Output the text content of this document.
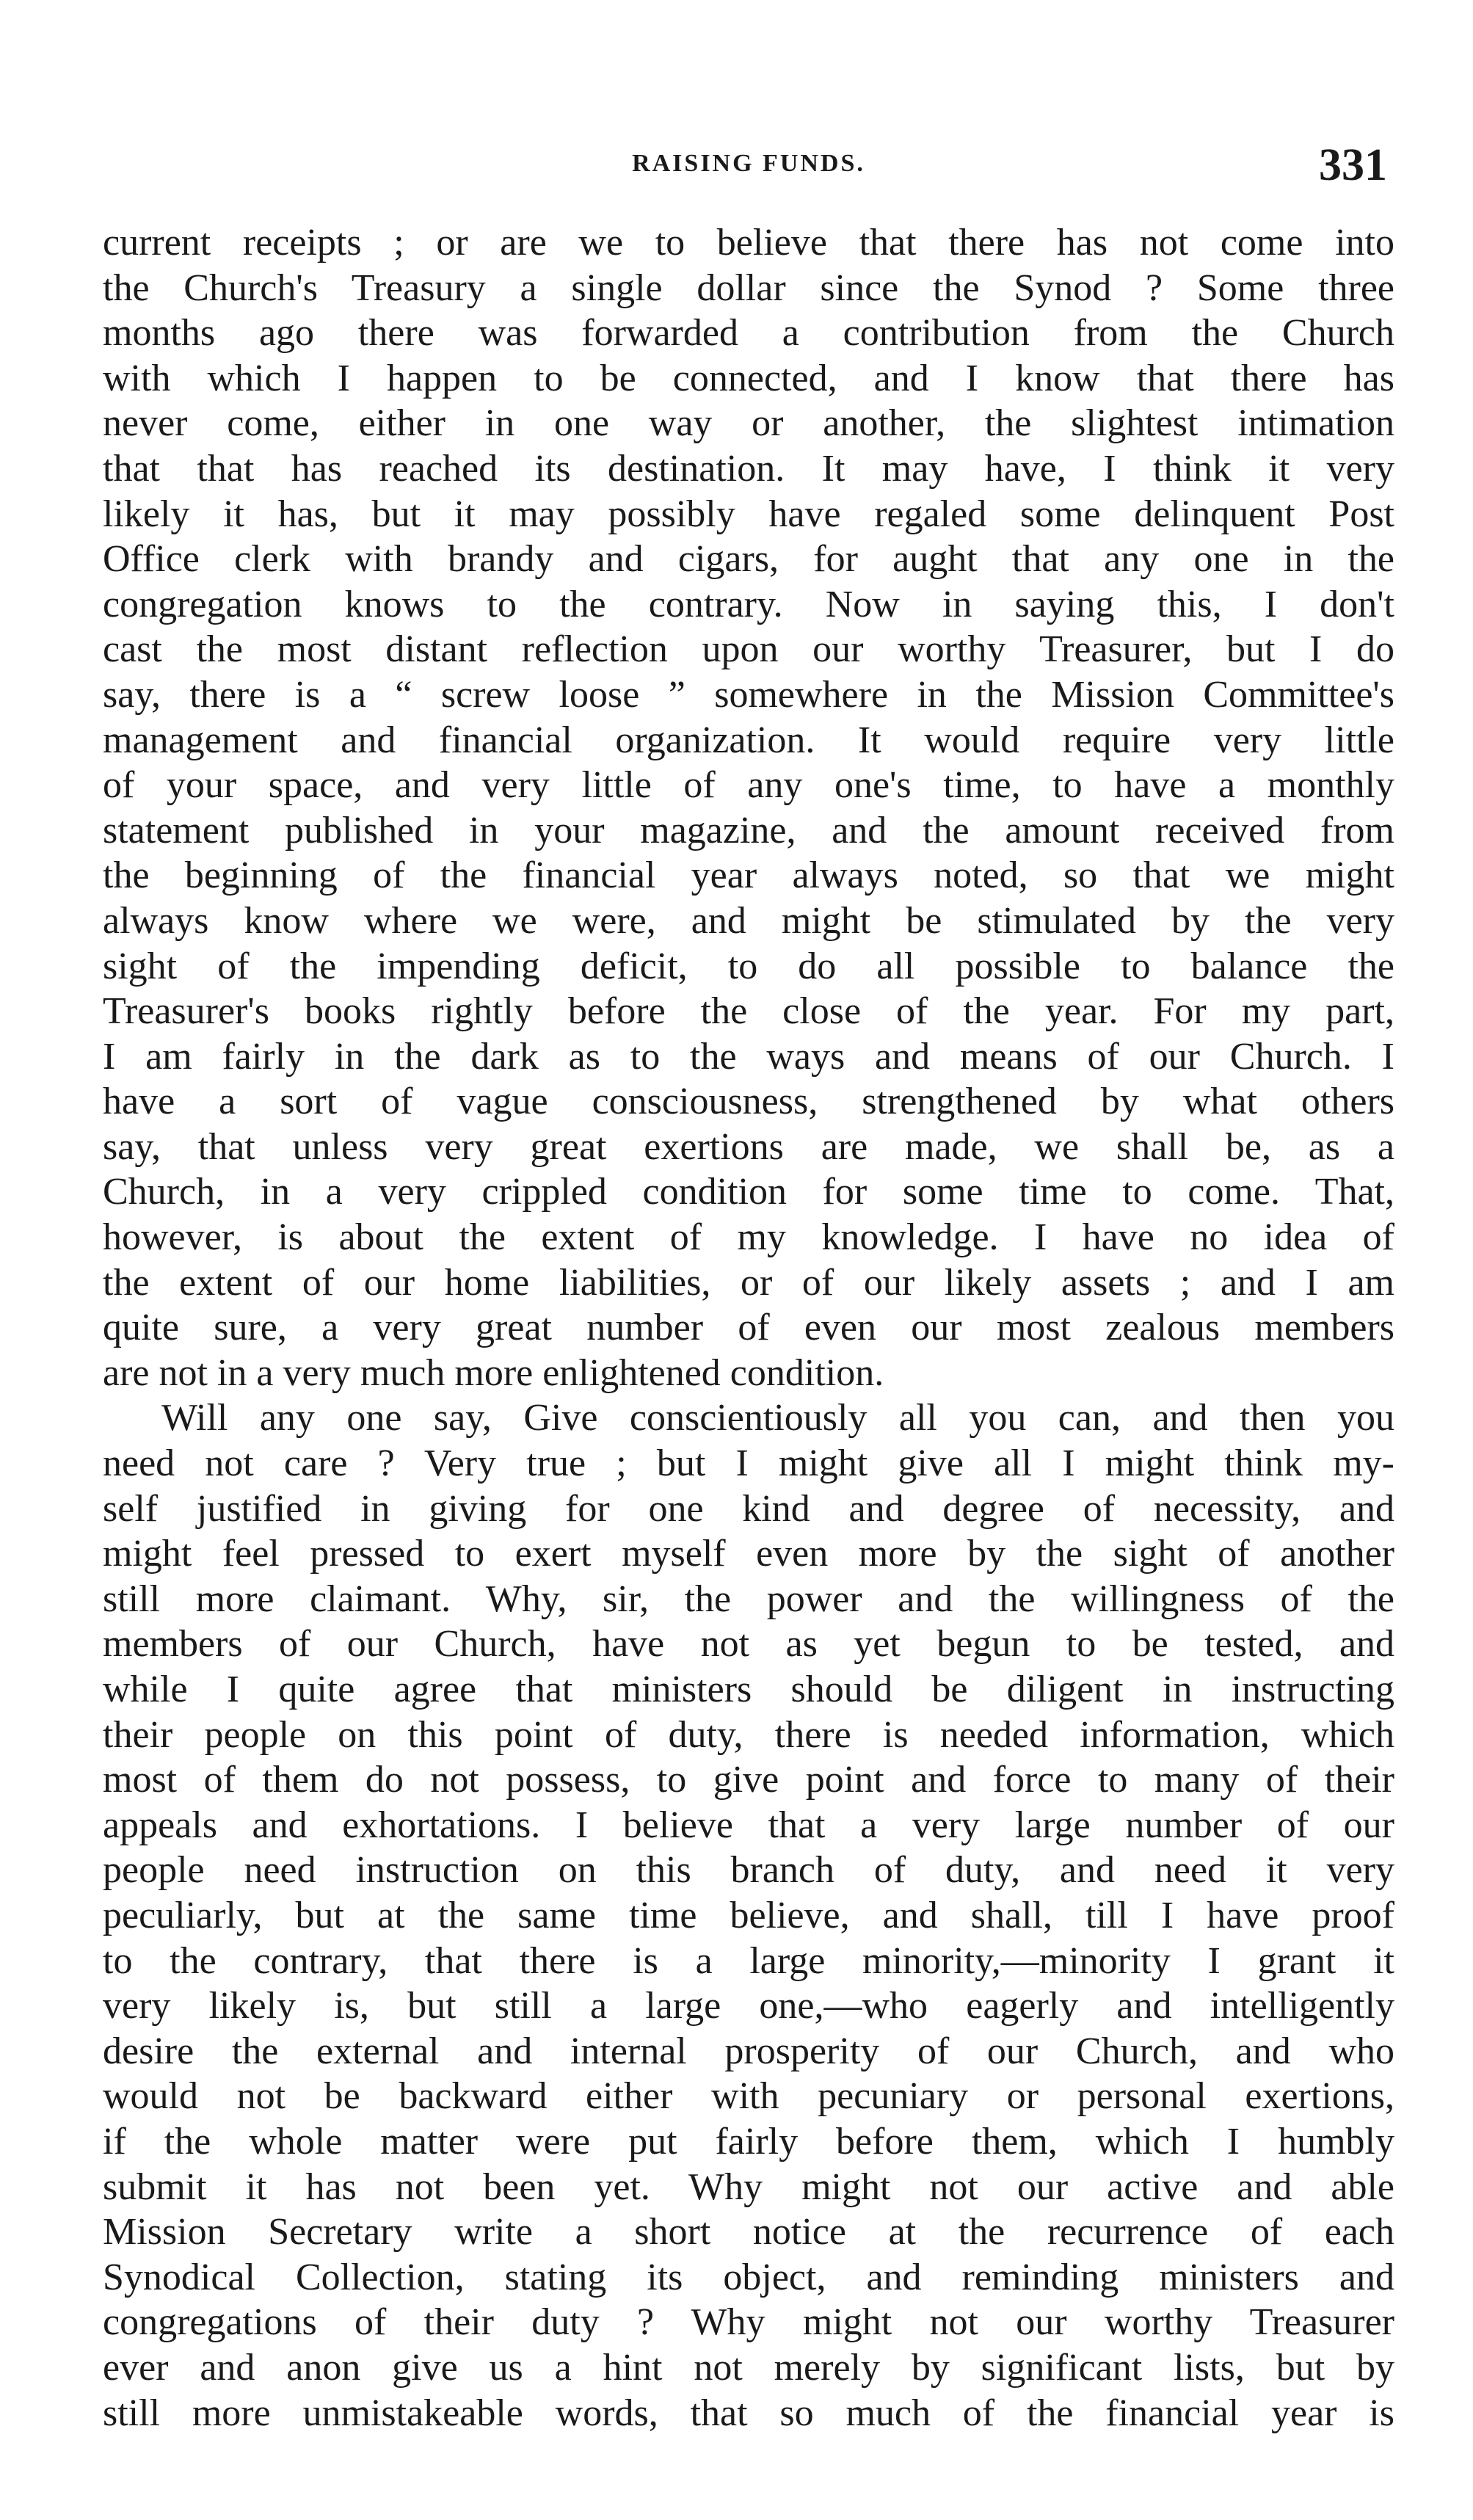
RAISING FUNDS.	331
current receipts ; or are we to believe that there has not come into
the Church's Treasury a single dollar since the Synod ? Some three
months ago there was forwarded a contribution from the Church
with which I happen to be connected, and I know that there has
never come, either in one way or another, the slightest intimation
that that has reached its destination. It may have, I think it very
likely it has, but it may possibly have regaled some delinquent Post
Office clerk with brandy and cigars, for aught that any one in the
congregation knows to the contrary. Now in saying this, I don't
cast the most distant reflection upon our worthy Treasurer, but I do
say, there is a “ screw loose ” somewhere in the Mission Committee's
management and financial organization. It would require very little
of your space, and very little of any one's time, to have a monthly
statement published in your magazine, and the amount received from
the beginning of the financial year always noted, so that we might
always know where we were, and might be stimulated by the very
sight of the impending deficit, to do all possible to balance the
Treasurer's books rightly before the close of the year. For my part,
I am fairly in the dark as to the ways and means of our Church. I
have a sort of vague consciousness, strengthened by what others
say, that unless very great exertions are made, we shall be, as a
Church, in a very crippled condition for some time to come. That,
however, is about the extent of my knowledge. I have no idea of
the extent of our home liabilities, or of our likely assets ; and I am
quite sure, a very great number of even our most zealous members
are not in a very much more enlightened condition.
Will any one say, Give conscientiously all you can, and then you
need not care ? Very true ; but I might give all I might think my-
self justified in giving for one kind and degree of necessity, and
might feel pressed to exert myself even more by the sight of another
still more claimant. Why, sir, the power and the willingness of the
members of our Church, have not as yet begun to be tested, and
while I quite agree that ministers should be diligent in instructing
their people on this point of duty, there is needed information, which
most of them do not possess, to give point and force to many of their
appeals and exhortations. I believe that a very large number of our
people need instruction on this branch of duty, and need it very
peculiarly, but at the same time believe, and shall, till I have proof
to the contrary, that there is a large minority,—minority I grant it
very likely is, but still a large one,—who eagerly and intelligently
desire the external and internal prosperity of our Church, and who
would not be backward either with pecuniary or personal exertions,
if the whole matter were put fairly before them, which I humbly
submit it has not been yet. Why might not our active and able
Mission Secretary write a short notice at the recurrence of each
Synodical Collection, stating its object, and reminding ministers and
congregations of their duty ? Why might not our worthy Treasurer
ever and anon give us a hint not merely by significant lists, but by
still more unmistakeable words, that so much of the financial year is
